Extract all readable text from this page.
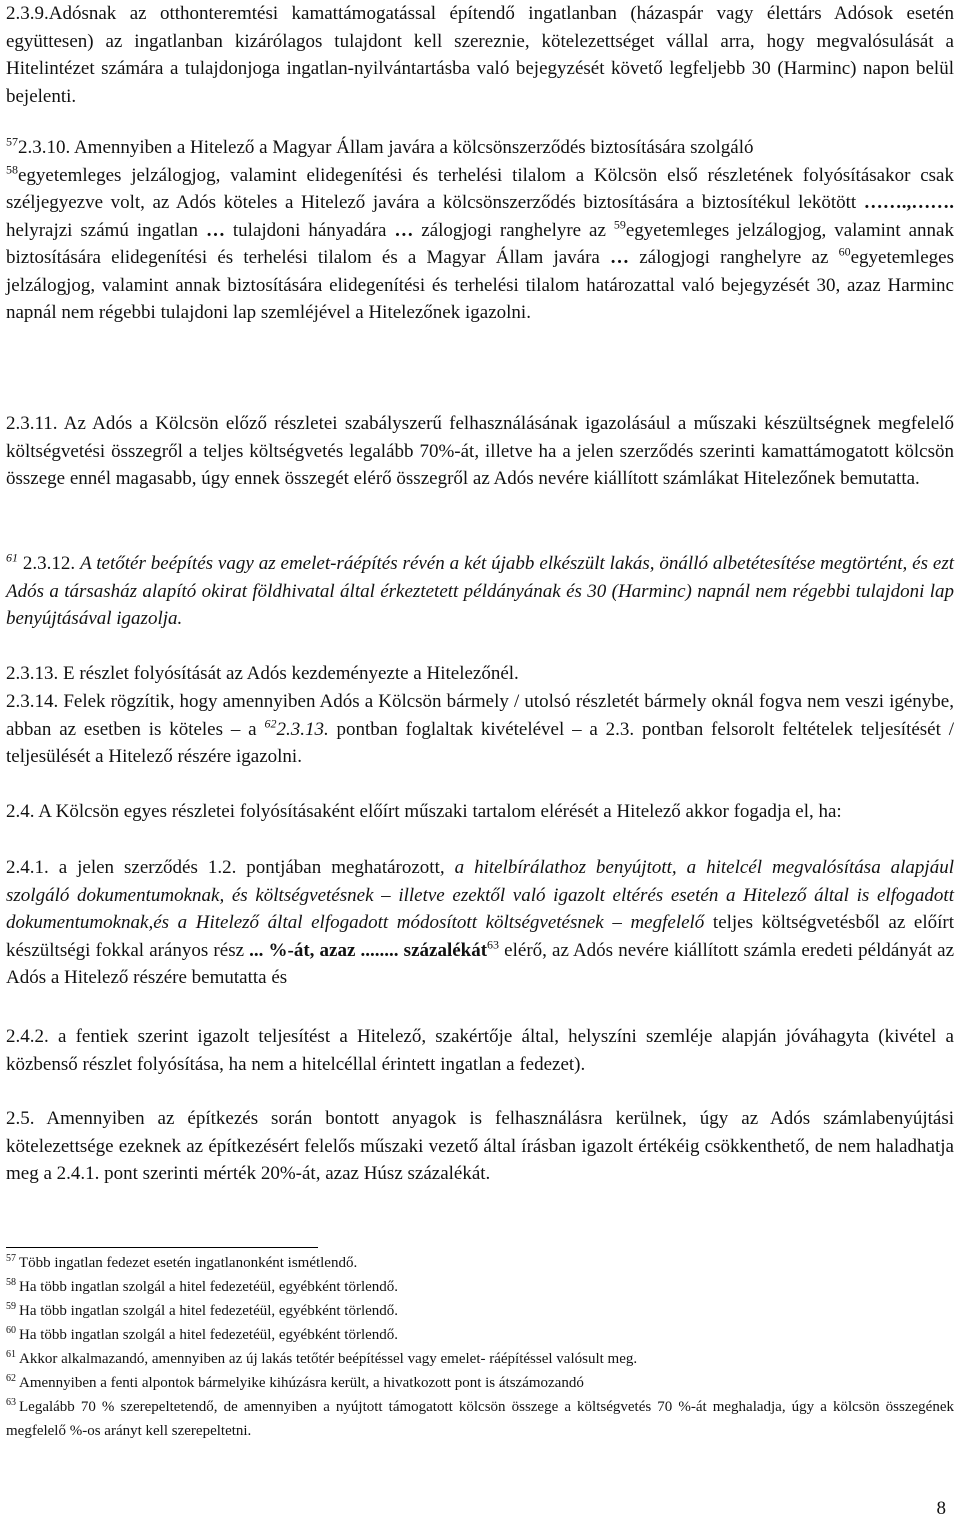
2.3.9.Adósnak az otthonteremtési kamattámogatással építendő ingatlanban (házaspár vagy élettárs Adósok esetén együttesen) az ingatlanban kizárólagos tulajdont kell szereznie, kötelezettséget vállal arra, hogy megvalósulását a Hitelintézet számára a tulajdonjoga ingatlan-nyilvántartásba való bejegyzését követő legfeljebb 30 (Harminc) napon belül bejelenti.
$^{57}$2.3.10. Amennyiben a Hitelező a Magyar Állam javára a kölcsönszerződés biztosítására szolgáló
$^{58}$egyetemleges jelzálogjog, valamint elidegenítési és terhelési tilalom a Kölcsön első részletének folyósításakor csak széljegyezve volt, az Adós köteles a Hitelező javára a kölcsönszerződés biztosítására a biztosítékul lekötött …….,……. helyrajzi számú ingatlan … tulajdoni hányadára … zálogjogi ranghelyre az $^{59}$egyetemleges jelzálogjog, valamint annak biztosítására elidegenítési és terhelési tilalom és a Magyar Állam javára … zálogjogi ranghelyre az $^{60}$egyetemleges jelzálogjog, valamint annak biztosítására elidegenítési és terhelési tilalom határozattal való bejegyzését 30, azaz Harminc napnál nem régebbi tulajdoni lap szemléjével a Hitelezőnek igazolni.
2.3.11. Az Adós a Kölcsön előző részletei szabályszerű felhasználásának igazolásául a műszaki készültségnek megfelelő költségvetési összegről a teljes költségvetés legalább 70%-át, illetve ha a jelen szerződés szerinti kamattámogatott kölcsön összege ennél magasabb, úgy ennek összegét elérő összegről az Adós nevére kiállított számlákat Hitelezőnek bemutatta.
$^{61}$ 2.3.12. A tetőtér beépítés vagy az emelet-ráépítés révén a két újabb elkészült lakás, önálló albetétesítése megtörtént, és ezt Adós a társasház alapító okirat földhivatal által érkeztetett példányának és 30 (Harminc) napnál nem régebbi tulajdoni lap benyújtásával igazolja.
2.3.13. E részlet folyósítását az Adós kezdeményezte a Hitelezőnél.
2.3.14. Felek rögzítik, hogy amennyiben Adós a Kölcsön bármely / utolsó részletét bármely oknál fogva nem veszi igénybe, abban az esetben is köteles – a $^{62}$2.3.13. pontban foglaltak kivételével – a 2.3. pontban felsorolt feltételek teljesítését / teljesülését a Hitelező részére igazolni.
2.4. A Kölcsön egyes részletei folyósításaként előírt műszaki tartalom elérését a Hitelező akkor fogadja el, ha:
2.4.1. a jelen szerződés 1.2. pontjában meghatározott, a hitelbírálathoz benyújtott, a hitelcél megvalósítása alapjául szolgáló dokumentumoknak, és költségvetésnek – illetve ezektől való igazolt eltérés esetén a Hitelező által is elfogadott dokumentumoknak,és a Hitelező által elfogadott módosított költségvetésnek – megfelelő teljes költségvetésből az előírt készültségi fokkal arányos rész ... %-át, azaz ........ százalékát$^{63}$ elérő, az Adós nevére kiállított számla eredeti példányát az Adós a Hitelező részére bemutatta és
2.4.2. a fentiek szerint igazolt teljesítést a Hitelező, szakértője által, helyszíni szemléje alapján jóváhagyta (kivétel a közbenső részlet folyósítása, ha nem a hitelcéllal érintett ingatlan a fedezet).
2.5. Amennyiben az építkezés során bontott anyagok is felhasználásra kerülnek, úgy az Adós számlabenyújtási kötelezettsége ezeknek az építkezésért felelős műszaki vezető által írásban igazolt értékéig csökkenthető, de nem haladhatja meg a 2.4.1. pont szerinti mérték 20%-át, azaz Húsz százalékát.
$^{57}$ Több ingatlan fedezet esetén ingatlanonként ismétlendő.
$^{58}$ Ha több ingatlan szolgál a hitel fedezetéül, egyébként törlendő.
$^{59}$ Ha több ingatlan szolgál a hitel fedezetéül, egyébként törlendő.
$^{60}$ Ha több ingatlan szolgál a hitel fedezetéül, egyébként törlendő.
$^{61}$ Akkor alkalmazandó, amennyiben az új lakás tetőtér beépítéssel vagy emelet- ráépítéssel valósult meg.
$^{62}$ Amennyiben a fenti alpontok bármelyike kihúzásra került, a hivatkozott pont is átszámozandó
$^{63}$ Legalább 70 % szerepeltetendő, de amennyiben a nyújtott támogatott kölcsön összege a költségvetés 70 %-át meghaladja, úgy a kölcsön összegének megfelelő %-os arányt kell szerepeltetni.
8
